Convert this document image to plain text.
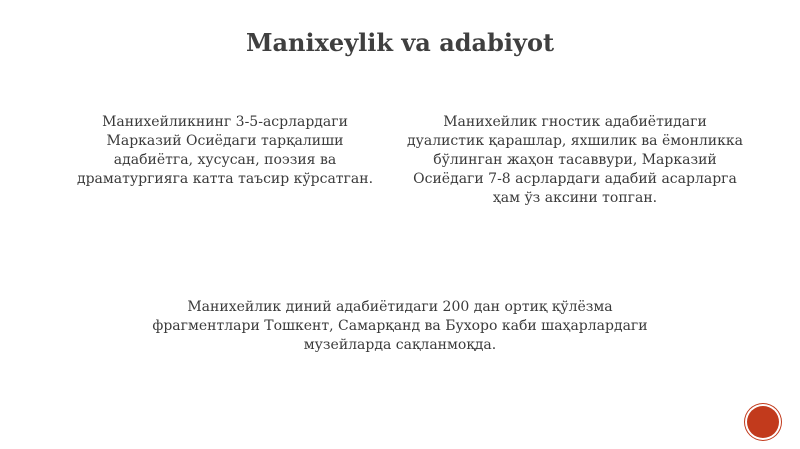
Manixeylik va adabiyot
Манихейликнинг 3-5-асрлардаги
Марказий Осиёдаги тарқалиши
адабиётга, хусусан, поэзия ва
драматургияга катта таъсир кўрсатган.
Манихейлик гностик адабиётидаги
дуалистик қарашлар, яхшилик ва ёмонликка
бўлинган жаҳон тасаввури, Марказий
Осиёдаги 7-8 асрлардаги адабий асарларга
ҳам ўз аксини топган.
Манихейлик диний адабиётидаги 200 дан ортиқ қўлёзма
фрагментлари Тошкент, Самарқанд ва Бухоро каби шаҳарлардаги
музейларда сақланмоқда.
